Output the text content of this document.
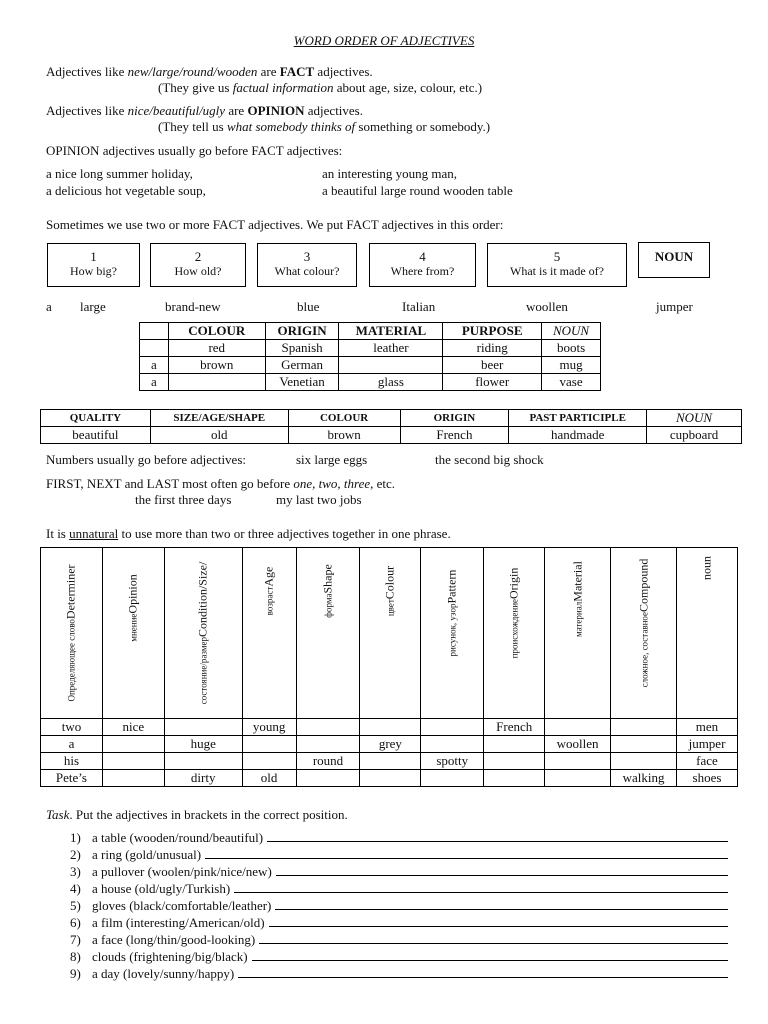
WORD ORDER OF ADJECTIVES
Adjectives like new/large/round/wooden are FACT adjectives.
(They give us factual information about age, size, colour, etc.)
Adjectives like nice/beautiful/ugly are OPINION adjectives.
(They tell us what somebody thinks of something or somebody.)
OPINION adjectives usually go before FACT adjectives:
a nice long summer holiday,	an interesting young man,
a delicious hot vegetable soup,	a beautiful large round wooden table
Sometimes we use two or more FACT adjectives. We put FACT adjectives in this order:
1
How big?
2
How old?
3
What colour?
4
Where from?
5
What is it made of?
NOUN
a large	brand-new	blue	Italian	woollen	jumper
	COLOUR	ORIGIN	MATERIAL	PURPOSE	NOUN
	red	Spanish	leather	riding	boots
a	brown	German		beer	mug
a		Venetian	glass	flower	vase
QUALITY	SIZE/AGE/SHAPE	COLOUR	ORIGIN	PAST PARTICIPLE	NOUN
beautiful	old	brown	French	handmade	cupboard
Numbers usually go before adjectives:	six large eggs	the second big shock
FIRST, NEXT and LAST most often go before one, two, three, etc.
the first three days	my last two jobs
It is unnatural to use more than two or three adjectives together in one phrase.
Определяющее словоDeterminer	мнениеOpinion	состояние/размерCondition/Size/	возрастAge	формаShape	цветColour	рисунок, узорPattern	происхождениеOrigin	материалMaterial	сложное, составноеCompound	noun

two	nice		young				French			men
a		huge			grey			woollen		jumper
his				round		spotty				face
Pete’s		dirty	old						walking	shoes
Task. Put the adjectives in brackets in the correct position.
1) a table (wooden/round/beautiful)
2) a ring (gold/unusual)
3) a pullover (woolen/pink/nice/new)
4) a house (old/ugly/Turkish)
5) gloves (black/comfortable/leather)
6) a film (interesting/American/old)
7) a face (long/thin/good-looking)
8) clouds (frightening/big/black)
9) a day (lovely/sunny/happy)
